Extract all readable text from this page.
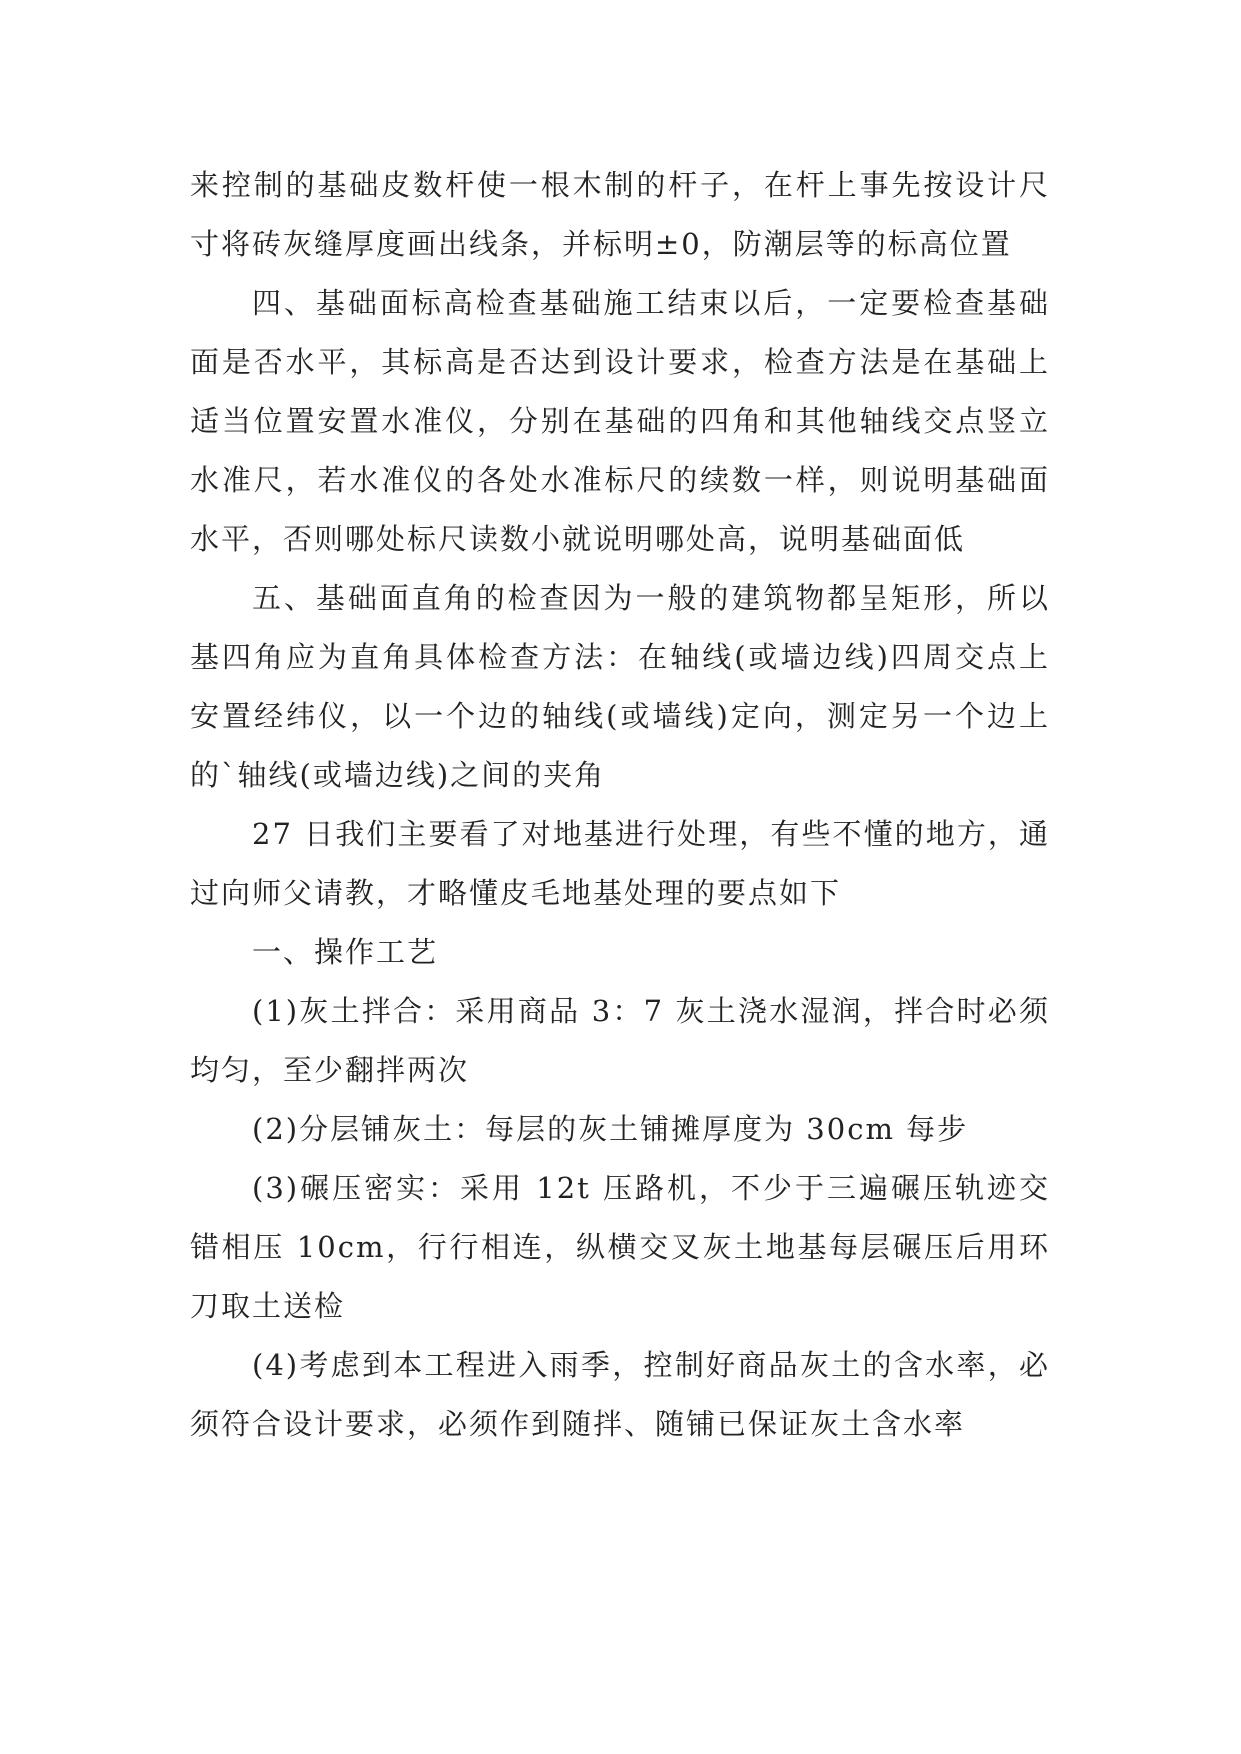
来控制的基础皮数杆使一根木制的杆子，在杆上事先按设计尺寸将砖灰缝厚度画出线条，并标明±0，防潮层等的标高位置

四、基础面标高检查基础施工结束以后，一定要检查基础面是否水平，其标高是否达到设计要求，检查方法是在基础上适当位置安置水准仪，分别在基础的四角和其他轴线交点竖立水准尺，若水准仪的各处水准标尺的续数一样，则说明基础面水平，否则哪处标尺读数小就说明哪处高，说明基础面低

五、基础面直角的检查因为一般的建筑物都呈矩形，所以基四角应为直角具体检查方法：在轴线(或墙边线)四周交点上安置经纬仪，以一个边的轴线(或墙线)定向，测定另一个边上的`轴线(或墙边线)之间的夹角

27 日我们主要看了对地基进行处理，有些不懂的地方，通过向师父请教，才略懂皮毛地基处理的要点如下

一、操作工艺

(1)灰土拌合：采用商品 3：7 灰土浇水湿润，拌合时必须均匀，至少翻拌两次

(2)分层铺灰土：每层的灰土铺摊厚度为 30cm 每步

(3)碾压密实：采用 12t 压路机，不少于三遍碾压轨迹交错相压 10cm，行行相连，纵横交叉灰土地基每层碾压后用环刀取土送检

(4)考虑到本工程进入雨季，控制好商品灰土的含水率，必须符合设计要求，必须作到随拌、随铺已保证灰土含水率
